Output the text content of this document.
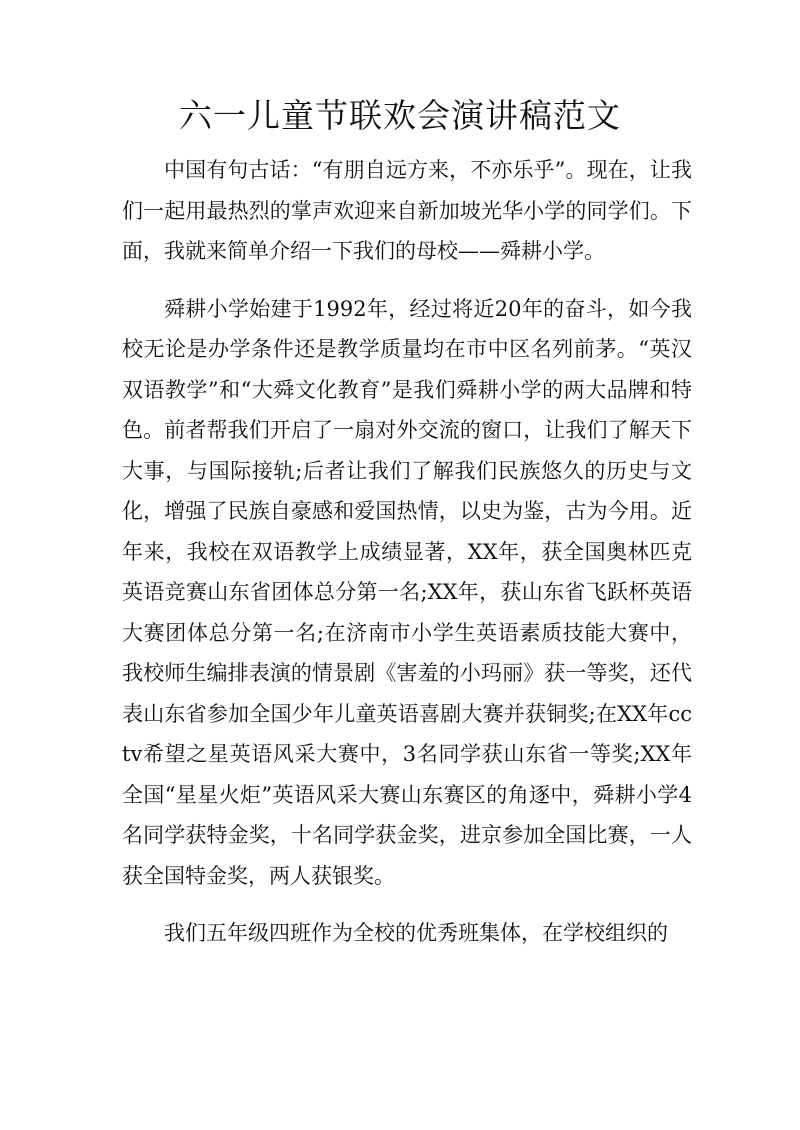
六一儿童节联欢会演讲稿范文

中国有句古话：“有朋自远方来，不亦乐乎”。现在，让我们一起用最热烈的掌声欢迎来自新加坡光华小学的同学们。下面，我就来简单介绍一下我们的母校——舜耕小学。

舜耕小学始建于1992年，经过将近20年的奋斗，如今我校无论是办学条件还是教学质量均在市中区名列前茅。“英汉双语教学”和“大舜文化教育”是我们舜耕小学的两大品牌和特色。前者帮我们开启了一扇对外交流的窗口，让我们了解天下大事，与国际接轨;后者让我们了解我们民族悠久的历史与文化，增强了民族自豪感和爱国热情，以史为鉴，古为今用。近年来，我校在双语教学上成绩显著，XX年，获全国奥林匹克英语竞赛山东省团体总分第一名;XX年，获山东省飞跃杯英语大赛团体总分第一名;在济南市小学生英语素质技能大赛中，我校师生编排表演的情景剧《害羞的小玛丽》获一等奖，还代表山东省参加全国少年儿童英语喜剧大赛并获铜奖;在XX年cctv希望之星英语风采大赛中，3名同学获山东省一等奖;XX年全国“星星火炬”英语风采大赛山东赛区的角逐中，舜耕小学4名同学获特金奖，十名同学获金奖，进京参加全国比赛，一人获全国特金奖，两人获银奖。

我们五年级四班作为全校的优秀班集体，在学校组织的
